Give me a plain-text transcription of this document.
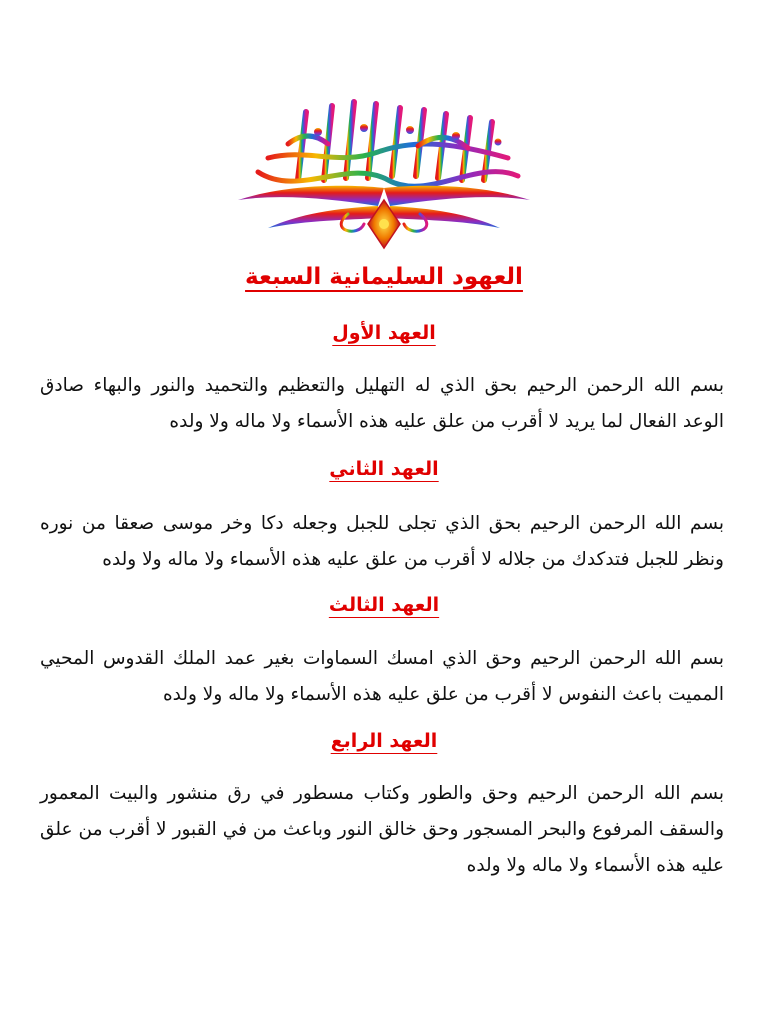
العهود السليمانية السبعة
العهد الأول
بسم الله الرحمن الرحيم بحق الذي له التهليل والتعظيم والتحميد والنور والبهاء صادق الوعد الفعال لما يريد لا أقرب من علق عليه هذه الأسماء ولا ماله ولا ولده
العهد الثاني
بسم الله الرحمن الرحيم بحق الذي تجلى للجبل وجعله دكا وخر موسى صعقا من نوره ونظر للجبل فتدكدك من جلاله لا أقرب من علق عليه هذه الأسماء ولا ماله ولا ولده
العهد الثالث
بسم الله الرحمن الرحيم وحق الذي امسك السماوات بغير عمد الملك القدوس المحيي المميت باعث النفوس لا أقرب من علق عليه هذه الأسماء ولا ماله ولا ولده
العهد الرابع
بسم الله الرحمن الرحيم وحق والطور وكتاب مسطور في رق منشور والبيت المعمور والسقف المرفوع والبحر المسجور وحق خالق النور وباعث من في القبور لا أقرب من علق عليه هذه الأسماء ولا ماله ولا ولده
